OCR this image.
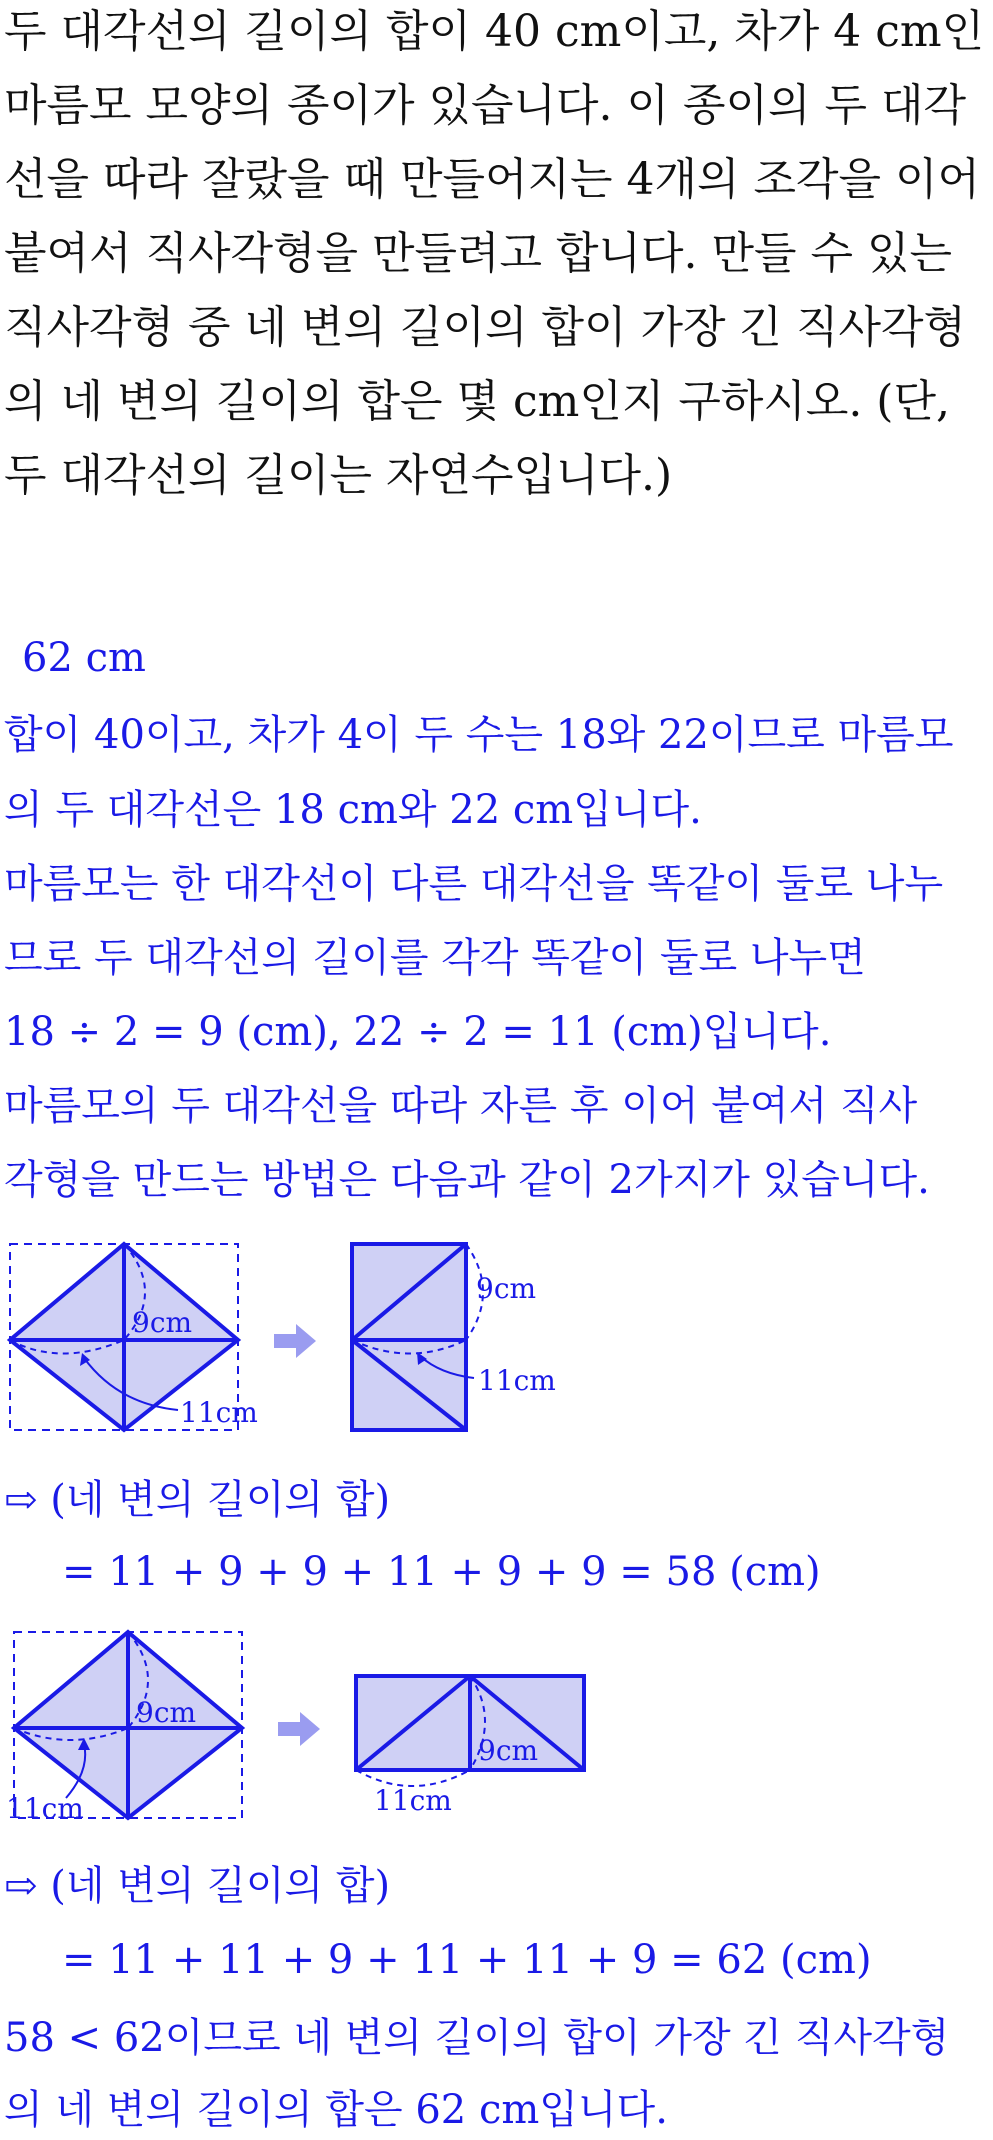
두 대각선의 길이의 합이 40 cm이고, 차가 4 cm인
마름모 모양의 종이가 있습니다. 이 종이의 두 대각
선을 따라 잘랐을 때 만들어지는 4개의 조각을 이어
붙여서 직사각형을 만들려고 합니다. 만들 수 있는
직사각형 중 네 변의 길이의 합이 가장 긴 직사각형
의 네 변의 길이의 합은 몇 cm인지 구하시오. (단,
두 대각선의 길이는 자연수입니다.)
62 cm
합이 40이고, 차가 4이 두 수는 18와 22이므로 마름모
의 두 대각선은 18 cm와 22 cm입니다.
마름모는 한 대각선이 다른 대각선을 똑같이 둘로 나누
므로 두 대각선의 길이를 각각 똑같이 둘로 나누면
18 ÷ 2 = 9 (cm), 22 ÷ 2 = 11 (cm)입니다.
마름모의 두 대각선을 따라 자른 후 이어 붙여서 직사
각형을 만드는 방법은 다음과 같이 2가지가 있습니다.
9cm
11cm
9cm
11cm
⇨ (네 변의 길이의 합)
= 11 + 9 + 9 + 11 + 9 + 9 = 58 (cm)
9cm
11cm
9cm
11cm
⇨ (네 변의 길이의 합)
= 11 + 11 + 9 + 11 + 11 + 9 = 62 (cm)
58 < 62이므로 네 변의 길이의 합이 가장 긴 직사각형
의 네 변의 길이의 합은 62 cm입니다.
